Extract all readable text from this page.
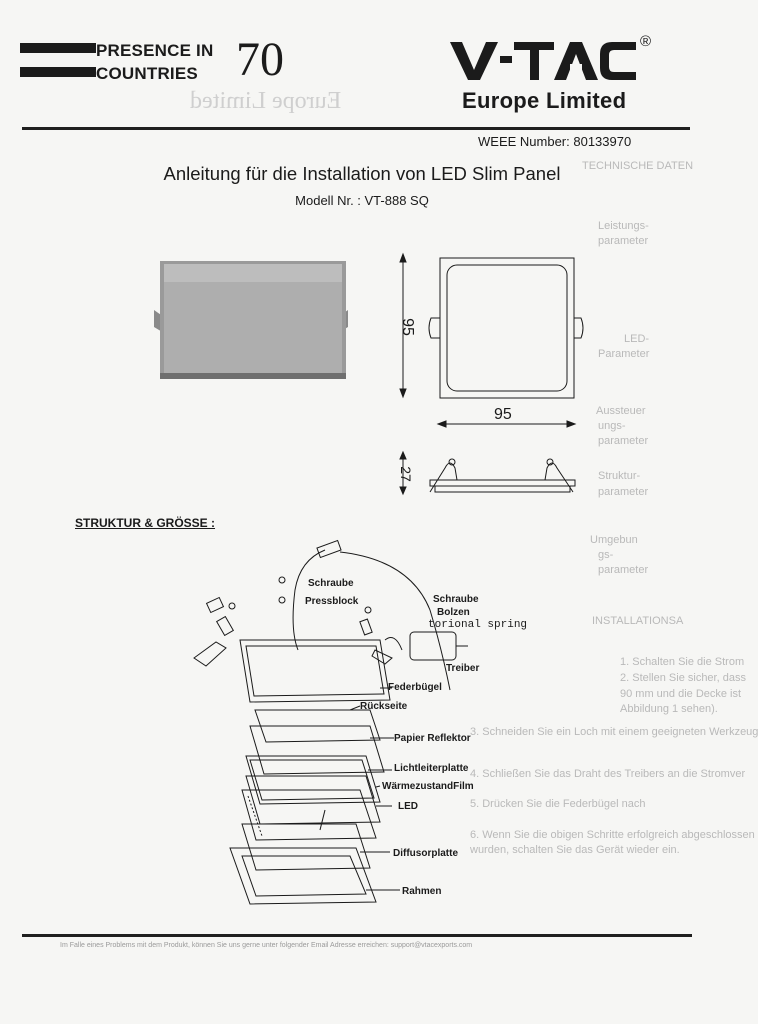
Europe Limited
TECHNISCHE DATEN
Leistungs-
parameter
LED-
Parameter
Aussteuer
ungs-
parameter
Struktur-
parameter
Umgebun
gs-
parameter
INSTALLATIONSA
1. Schalten Sie die Strom
2. Stellen Sie sicher, dass
90 mm und die Decke ist
Abbildung 1 sehen).
3. Schneiden Sie ein Loch mit einem geeigneten Werkzeug
4. Schließen Sie das Draht des Treibers an die Stromver
5. Drücken Sie die Federbügel nach
6. Wenn Sie die obigen Schritte erfolgreich abgeschlossen
wurden, schalten Sie das Gerät wieder ein.
PRESENCE IN
COUNTRIES 70	®
Europe Limited
WEEE Number: 80133970
Anleitung für die Installation von LED Slim Panel
Modell Nr. : VT-888 SQ
95
95
27
STRUKTUR & GRÖSSE :
Schraube
Pressblock	Schraube
Bolzen
torional spring
Treiber
Federbügel
Rückseite
Papier Reflektor
Lichtleiterplatte
WärmezustandFilm
LED
Diffusorplatte
Rahmen
Im Falle eines Problems mit dem Produkt, können Sie uns gerne unter folgender Email Adresse erreichen: support@vtacexports.com
